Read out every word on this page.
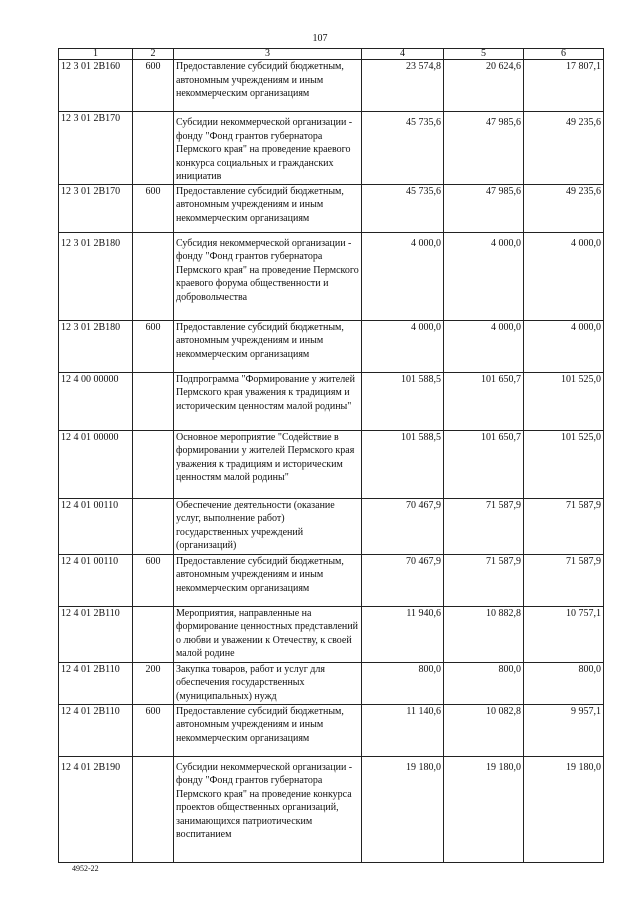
107
1	2	3	4	5	6
12 3 01 2B160	600	Предоставление субсидий бюджетным, автономным учреждениям и иным некоммерческим организациям	23 574,8	20 624,6	17 807,1
12 3 01 2B170		Субсидии некоммерческой организации - фонду "Фонд грантов губернатора Пермского края" на проведение краевого конкурса социальных и гражданских инициатив	45 735,6	47 985,6	49 235,6
12 3 01 2B170	600	Предоставление субсидий бюджетным, автономным учреждениям и иным некоммерческим организациям	45 735,6	47 985,6	49 235,6
12 3 01 2B180		Субсидия некоммерческой организации - фонду "Фонд грантов губернатора Пермского края" на проведение Пермского краевого форума общественности и добровольчества	4 000,0	4 000,0	4 000,0
12 3 01 2B180	600	Предоставление субсидий бюджетным, автономным учреждениям и иным некоммерческим организациям	4 000,0	4 000,0	4 000,0
12 4 00 00000		Подпрограмма "Формирование у жителей Пермского края уважения к традициям и историческим ценностям малой родины"	101 588,5	101 650,7	101 525,0
12 4 01 00000		Основное мероприятие "Содействие в формировании у жителей Пермского края уважения к традициям и историческим ценностям малой родины"	101 588,5	101 650,7	101 525,0
12 4 01 00110		Обеспечение деятельности (оказание услуг, выполнение работ) государственных учреждений (организаций)	70 467,9	71 587,9	71 587,9
12 4 01 00110	600	Предоставление субсидий бюджетным, автономным учреждениям и иным некоммерческим организациям	70 467,9	71 587,9	71 587,9
12 4 01 2B110		Мероприятия, направленные на формирование ценностных представлений о любви и уважении к Отечеству, к своей малой родине	11 940,6	10 882,8	10 757,1
12 4 01 2B110	200	Закупка товаров, работ и услуг для обеспечения государственных (муниципальных) нужд	800,0	800,0	800,0
12 4 01 2B110	600	Предоставление субсидий бюджетным, автономным учреждениям и иным некоммерческим организациям	11 140,6	10 082,8	9 957,1
12 4 01 2B190		Субсидии некоммерческой организации - фонду "Фонд грантов губернатора Пермского края" на проведение конкурса проектов общественных организаций, занимающихся патриотическим воспитанием	19 180,0	19 180,0	19 180,0
4952-22
